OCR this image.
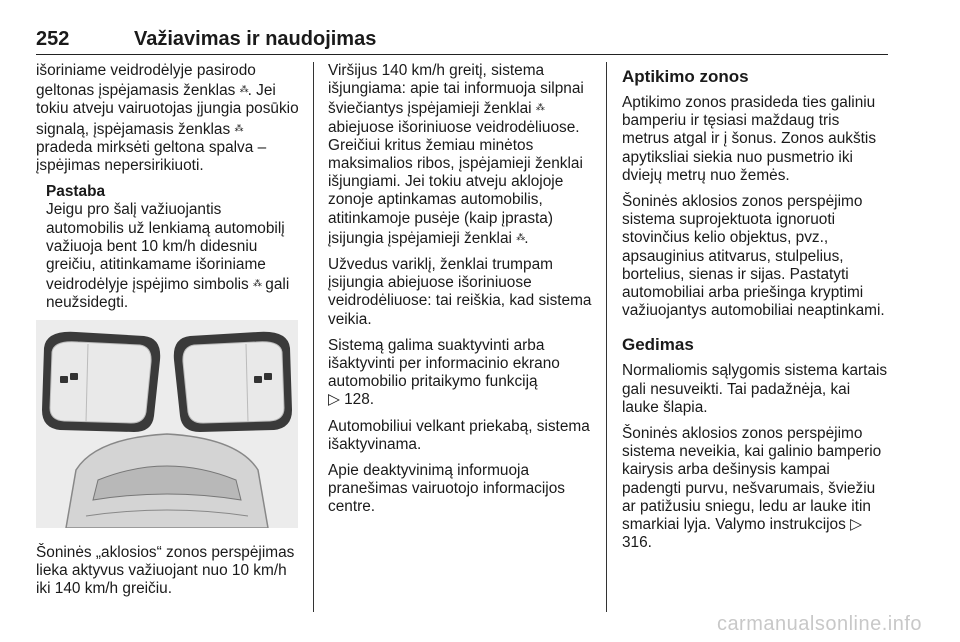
252	Važiavimas ir naudojimas

išoriniame veidrodėlyje pasirodo geltonas įspėjamasis ženklas ⁂. Jei tokiu atveju vairuotojas įjungia posūkio signalą, įspėjamasis ženklas ⁂ pradeda mirksėti geltona spalva – įspėjimas nepersirikiuoti.

Pastaba
Jeigu pro šalį važiuojantis automobilis už lenkiamą automobilį važiuoja bent 10 km/h didesniu greičiu, atitinkamame išoriniame veidrodėlyje įspėjimo simbolis ⁂ gali neužsidegti.
Šoninės „aklosios“ zonos perspėjimas lieka aktyvus važiuojant nuo 10 km/h iki 140 km/h greičiu.

Viršijus 140 km/h greitį, sistema išjungiama: apie tai informuoja silpnai šviečiantys įspėjamieji ženklai ⁂ abiejuose išoriniuose veidrodėliuose. Greičiui kritus žemiau minėtos maksimalios ribos, įspėjamieji ženklai išjungiami. Jei tokiu atveju aklojoje zonoje aptinkamas automobilis, atitinkamoje pusėje (kaip įprasta) įsijungia įspėjamieji ženklai ⁂.

Užvedus variklį, ženklai trumpam įsijungia abiejuose išoriniuose veidrodėliuose: tai reiškia, kad sistema veikia.

Sistemą galima suaktyvinti arba išaktyvinti per informacinio ekrano automobilio pritaikymo funkciją
▷ 128.

Automobiliui velkant priekabą, sistema išaktyvinama.

Apie deaktyvinimą informuoja pranešimas vairuotojo informacijos centre.

Aptikimo zonos

Aptikimo zonos prasideda ties galiniu bamperiu ir tęsiasi maždaug tris metrus atgal ir į šonus. Zonos aukštis apytiksliai siekia nuo pusmetrio iki dviejų metrų nuo žemės.

Šoninės aklosios zonos perspėjimo sistema suprojektuota ignoruoti stovinčius kelio objektus, pvz., apsauginius atitvarus, stulpelius, bortelius, sienas ir sijas. Pastatyti automobiliai arba priešinga kryptimi važiuojantys automobiliai neaptinkami.

Gedimas

Normaliomis sąlygomis sistema kartais gali nesuveikti. Tai padažnėja, kai lauke šlapia.

Šoninės aklosios zonos perspėjimo sistema neveikia, kai galinio bamperio kairysis arba dešinysis kampai padengti purvu, nešvarumais, šviežiu ar patižusiu sniegu, ledu ar lauke itin smarkiai lyja. Valymo instrukcijos ▷ 316.

carmanualsonline.info
